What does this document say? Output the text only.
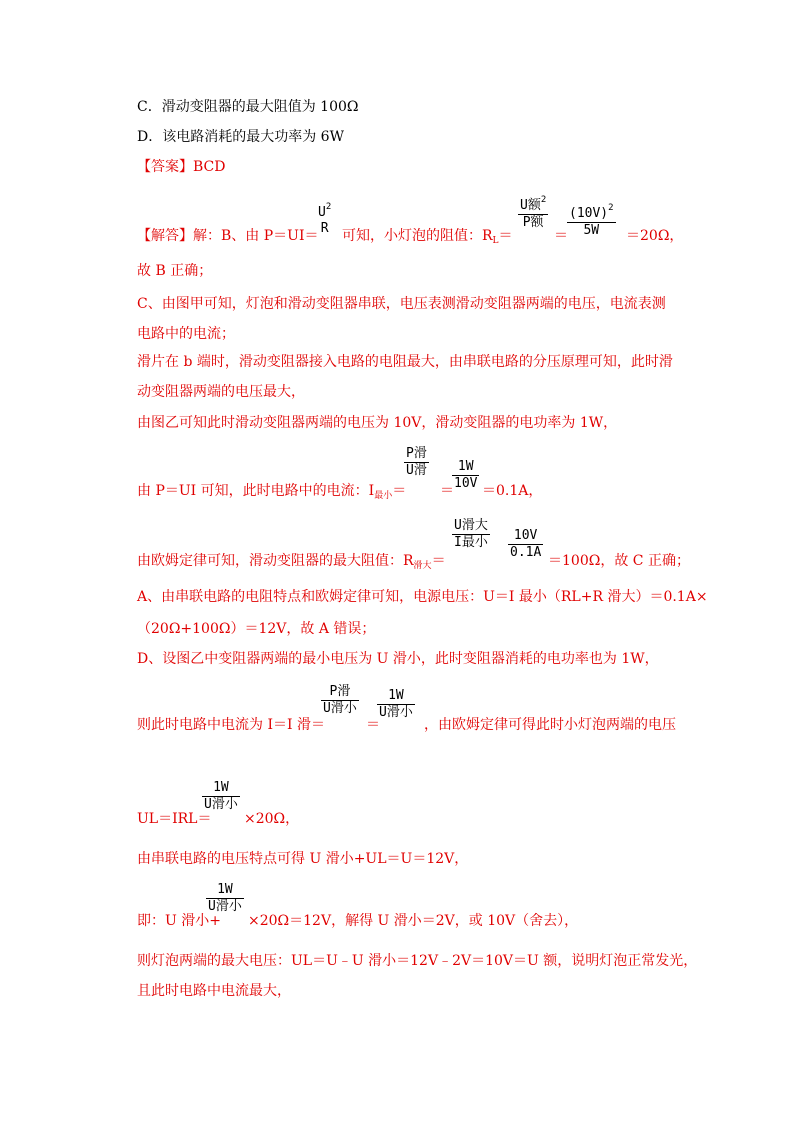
C．滑动变阻器的最大阻值为 100Ω
D．该电路消耗的最大功率为 6W
【答案】BCD
【解答】解：B、由 P＝UI＝
$U^2$
R 可知，小灯泡的阻值：$R_L=$
U额$^2$
P额
＝ $\frac{(10V)^2}{5W} =20\Omega$，
故 B 正确；
C、由图甲可知，灯泡和滑动变阻器串联，电压表测滑动变阻器两端的电压，电流表测
电路中的电流；
滑片在 b 端时，滑动变阻器接入电路的电阻最大，由串联电路的分压原理可知，此时滑
动变阻器两端的电压最大，
由图乙可知此时滑动变阻器两端的电压为 10V，滑动变阻器的电功率为 1W，
由 P＝UI 可知，此时电路中的电流：$I_{最小}=$
P滑
U滑
＝
$\frac{1W}{10V} =0.1A$，
由欧姆定律可知，滑动变阻器的最大阻值：$R_{滑大}=$
U滑大
I最小 $\frac{10V}{0.1A} =100\Omega$，故 C 正确；
A、由串联电路的电阻特点和欧姆定律可知，电源电压：U＝I 最小（RL+R 滑大）＝0.1A×
（20Ω+100Ω）＝12V，故 A 错误；
D、设图乙中变阻器两端的最小电压为 U 滑小，此时变阻器消耗的电功率也为 1W，
则此时电路中电流为 I＝I 滑＝
P滑
U滑小
＝
1W
U滑小
，由欧姆定律可得此时小灯泡两端的电压
UL＝IRL＝
1W
U滑小
×20Ω，
由串联电路的电压特点可得 U 滑小+UL＝U＝12V，
即：U 滑小+
1W
U滑小
×20Ω＝12V，解得 U 滑小＝2V，或 10V（舍去），
则灯泡两端的最大电压：UL＝U﹣U 滑小＝12V﹣2V＝10V＝U 额，说明灯泡正常发光，
且此时电路中电流最大，
